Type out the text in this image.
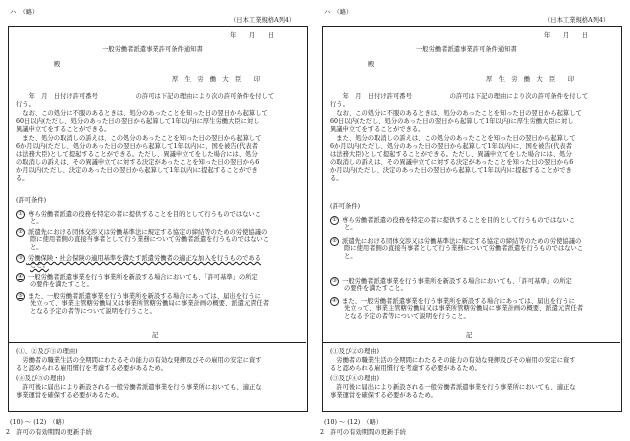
ハ　（略）
（日本工業規格A列4）
年　　月　　日
一般労働者派遣事業許可条件通知書
殿
厚　生　労　働　大　臣　　印
　　年　月　日付け許可番号　　　　　　の許可は下記の理由により次の許可条件を付して
行う。
　なお、この処分に不服のあるときは、処分のあったことを知った日の翌日から起算して
60日以内(ただし、処分のあった日の翌日から起算して1年以内)に厚生労働大臣に対し
異議申立てをすることができる。
　また、処分の取消しの訴えは、この処分のあったことを知った日の翌日から起算して
6か月以内(ただし、処分のあった日の翌日から起算して1年以内)に、国を被告(代表者
は法務大臣)として提起することができる。ただし、異議申立てをした場合には、処分
の取消しの訴えは、その異議申立てに対する決定があったことを知った日の翌日から6
か月以内(ただし、決定のあった日の翌日から起算して1年以内)に提起することができ
る。
(許可条件)
① 専ら労働者派遣の役務を特定の者に提供することを目的として行うものではないこ
と。
② 派遣先における団体交渉又は労働基準法に規定する協定の締結等のための労使協議の
際に使用者側の直接当事者として行う業務について労働者派遣を行うものではないこ
と。
③ 労働保険・社会保険の適用基準を満たす派遣労働者の適正な加入を行うものである
こと。
④ 一般労働者派遣事業を行う事業所を新設する場合においても、「許可基準」の所定
の要件を満たすこと。
⑤ また、一般労働者派遣事業を行う事業所を新設する場合にあっては、届出を行うに
先立って、事業主管轄労働局又は事業所管轄労働局に事業計画の概要、派遣元責任者
となる予定の者等について説明を行うこと。
記
(①、②及び③の理由)
　労働者の職業生活の全期間にわたるその能力の有効な発揮及びその雇用の安定に資す
ると認められる雇用慣行を考慮する必要があるため。
(④及び⑤の理由)
　許可後に届出により新設される一般労働者派遣事業を行う事業所においても、適正な
事業運営を確保する必要があるため。
(10) ～ (12)　（略）
2　許可の有効期間の更新手続
ハ　（略）
（日本工業規格A列4）
年　　月　　日
一般労働者派遣事業許可条件通知書
殿
厚　生　労　働　大　臣　　印
　　年　月　日付け許可番号　　　　　　の許可は下記の理由により次の許可条件を付して
行う。
　なお、この処分に不服のあるときは、処分のあったことを知った日の翌日から起算して
60日以内(ただし、処分のあった日の翌日から起算して1年以内)に厚生労働大臣に対し
異議申立てをすることができる。
　また、処分の取消しの訴えは、この処分のあったことを知った日の翌日から起算して
6か月以内(ただし、処分のあった日の翌日から起算して1年以内)に、国を被告(代表者
は法務大臣)として提起することができる。ただし、異議申立てをした場合には、処分
の取消しの訴えは、その異議申立てに対する決定があったことを知った日の翌日から6
か月以内(ただし、決定のあった日の翌日から起算して1年以内)に提起することができ
る。
(許可条件)
① 専ら労働者派遣の役務を特定の者に提供することを目的として行うものではないこ
と。
② 派遣先における団体交渉又は労働基準法に規定する協定の締結等のための労使協議の
際に使用者側の直接当事者として行う業務について労働者派遣を行うものではないこ
と。
③ 一般労働者派遣事業を行う事業所を新設する場合においても、「許可基準」の所定
の要件を満たすこと。
④ また、一般労働者派遣事業を行う事業所を新設する場合にあっては、届出を行うに
先立って、事業主管轄労働局又は事業所管轄労働局に事業計画の概要、派遣元責任者
となる予定の者等について説明を行うこと。
記
(①及び②の理由)
　労働者の職業生活の全期間にわたるその能力の有効な発揮及びその雇用の安定に資す
ると認められる雇用慣行を考慮する必要があるため。
(③及び④の理由)
　許可後に届出により新設される一般労働者派遣事業を行う事業所においても、適正な
事業運営を確保する必要があるため。
(10) ～ (12)　（略）
2　許可の有効期間の更新手続
